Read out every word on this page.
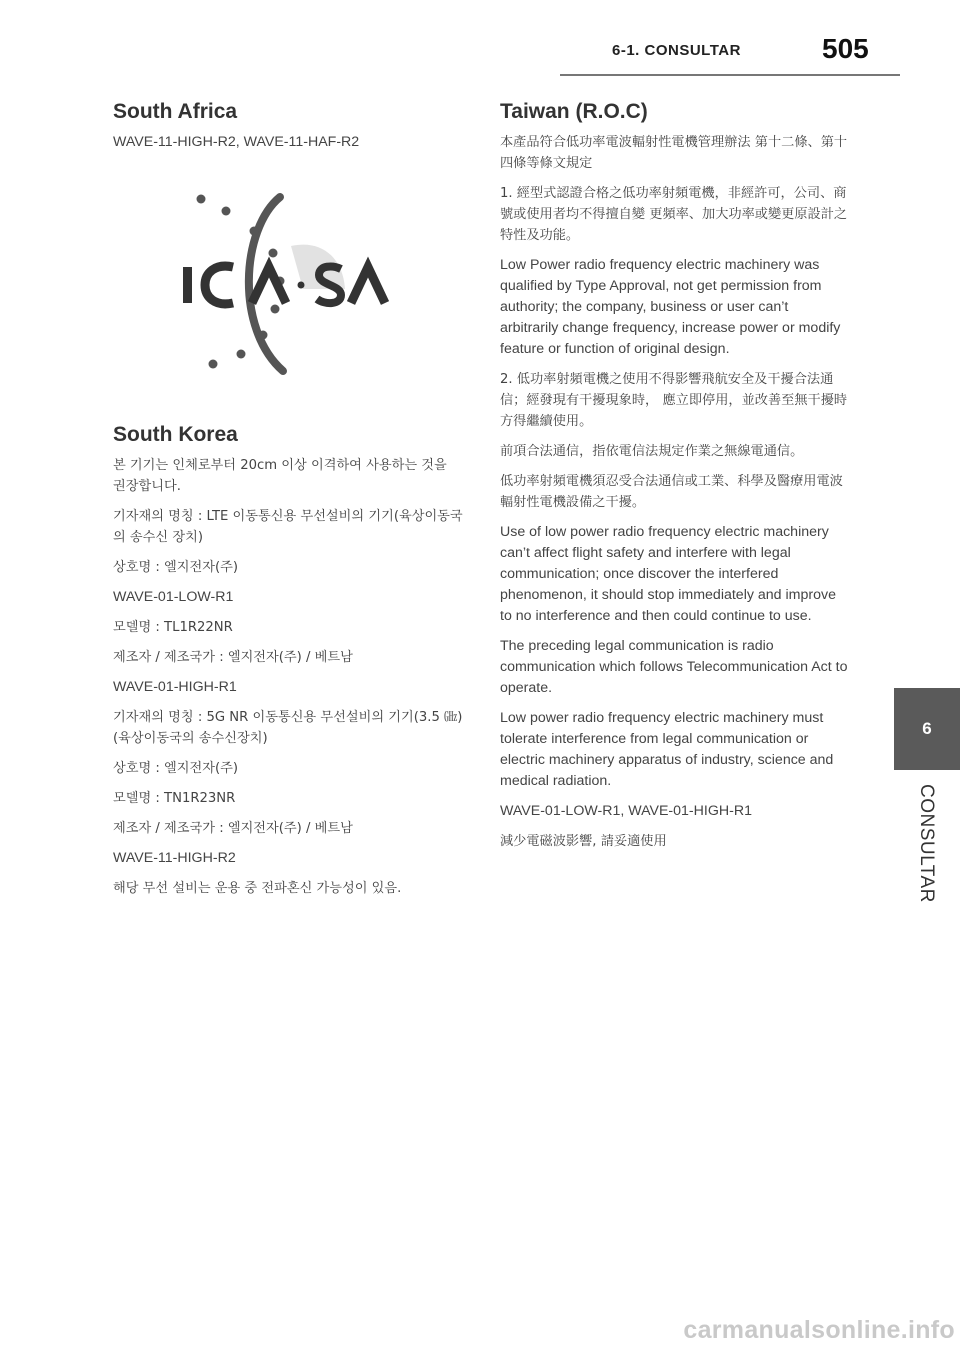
6-1. CONSULTAR	505
South Africa

WAVE-11-HIGH-R2, WAVE-11-HAF-R2

South Korea

본 기기는 인체로부터 20cm 이상 이격하여 사용하는 것을 권장합니다.

기자재의 명칭 : LTE 이동통신용 무선설비의 기기(육상이동국의 송수신 장치)

상호명 : 엘지전자(주)

WAVE-01-LOW-R1

모델명 : TL1R22NR

제조자 / 제조국가 : 엘지전자(주) / 베트남

WAVE-01-HIGH-R1

기자재의 명칭 : 5G NR 이동통신용 무선설비의 기기(3.5 ㎓)(육상이동국의 송수신장치)

상호명 : 엘지전자(주)

모델명 : TN1R23NR

제조자 / 제조국가 : 엘지전자(주) / 베트남

WAVE-11-HIGH-R2

해당 무선 설비는 운용 중 전파혼신 가능성이 있음.

Taiwan (R.O.C)

本產品符合低功率電波輻射性電機管理辦法 第十二條、第十四條等條文規定

1. 經型式認證合格之低功率射頻電機，非經許可，公司、商號或使用者均不得擅自變 更頻率、加大功率或變更原設計之特性及功能。

Low Power radio frequency electric machinery was qualified by Type Approval, not get permission from authority; the company, business or user can’t arbitrarily change frequency, increase power or modify feature or function of original design.

2. 低功率射頻電機之使用不得影響飛航安全及干擾合法通信；經發現有干擾現象時， 應立即停用，並改善至無干擾時方得繼續使用。

前項合法通信，指依電信法規定作業之無線電通信。

低功率射頻電機須忍受合法通信或工業、科學及醫療用電波輻射性電機設備之干擾。

Use of low power radio frequency electric machinery can’t affect flight safety and interfere with legal communication; once discover the interfered phenomenon, it should stop immediately and improve to no interference and then could continue to use.

The preceding legal communication is radio communication which follows Telecommunication Act to operate.

Low power radio frequency electric machinery must tolerate interference from legal communication or electric machinery apparatus of industry, science and medical radiation.

WAVE-01-LOW-R1, WAVE-01-HIGH-R1

減少電磁波影響, 請妥適使用

6
CONSULTAR
carmanualsonline.info
